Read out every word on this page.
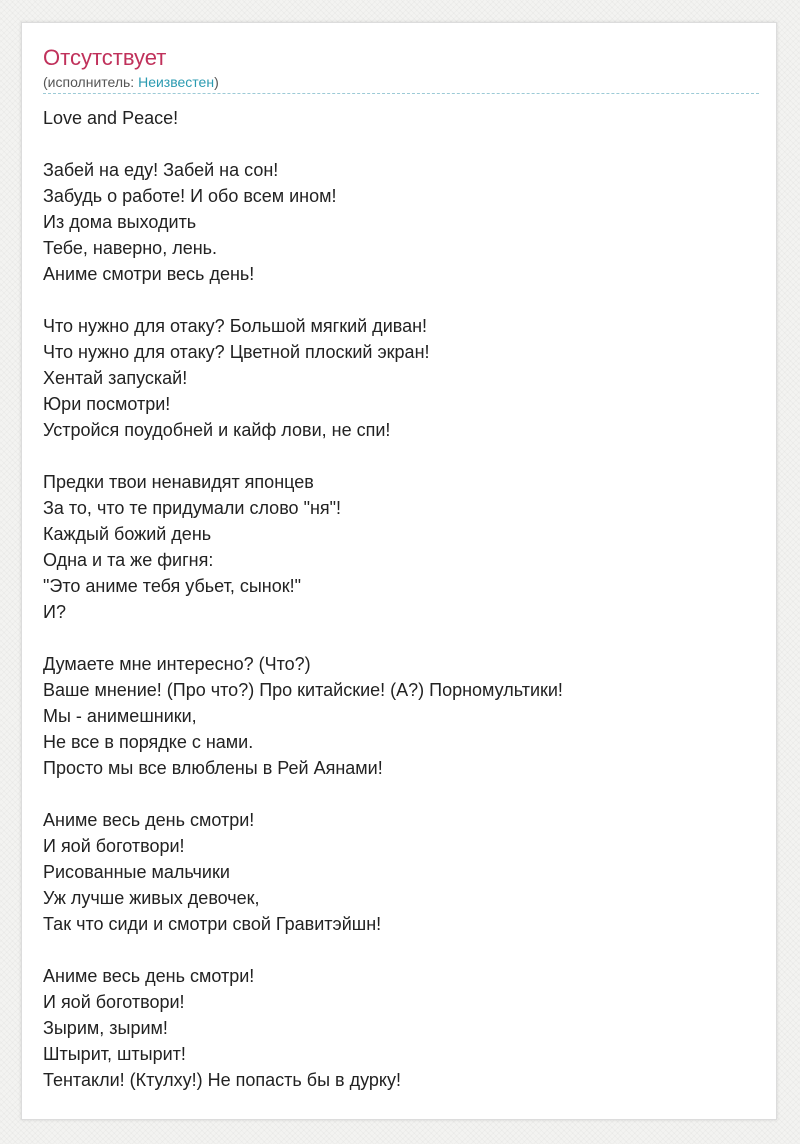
Отсутствует
(исполнитель: Неизвестен)
Love and Peace!
Забей на еду! Забей на сон!
Забудь о работе! И обо всем ином!
Из дома выходить
Тебе, наверно, лень.
Аниме смотри весь день!
Что нужно для отаку? Большой мягкий диван!
Что нужно для отаку? Цветной плоский экран!
Хентай запускай!
Юри посмотри!
Устройся поудобней и кайф лови, не спи!
Предки твои ненавидят японцев
За то, что те придумали слово "ня"!
Каждый божий день
Одна и та же фигня:
"Это аниме тебя убьет, сынок!"
И?
Думаете мне интересно? (Что?)
Ваше мнение! (Про что?) Про китайские! (А?) Порномультики!
Мы - анимешники,
Не все в порядке с нами.
Просто мы все влюблены в Рей Аянами!
Аниме весь день смотри!
И яой боготвори!
Рисованные мальчики
Уж лучше живых девочек,
Так что сиди и смотри свой Гравитэйшн!
Аниме весь день смотри!
И яой боготвори!
Зырим, зырим!
Штырит, штырит!
Тентакли! (Ктулху!) Не попасть бы в дурку!
